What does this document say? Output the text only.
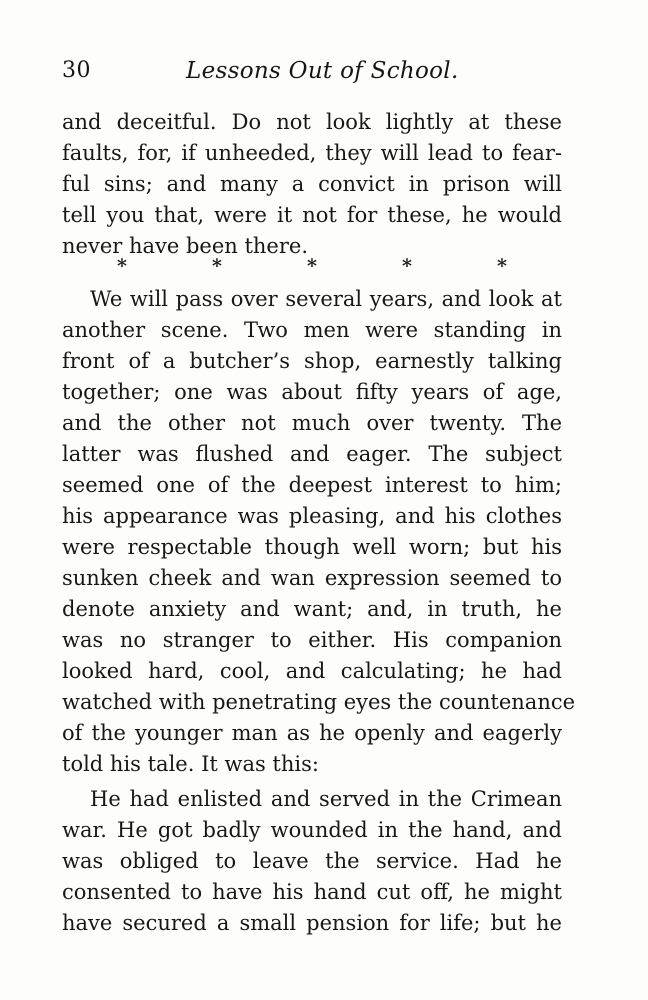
30	Lessons Out of School.
and deceitful. Do not look lightly at these
faults, for, if unheeded, they will lead to fear-
ful sins; and many a convict in prison will
tell you that, were it not for these, he would
never have been there.
*	*	*	*	*
We will pass over several years, and look at
another scene. Two men were standing in
front of a butcher’s shop, earnestly talking
together; one was about fifty years of age,
and the other not much over twenty. The
latter was flushed and eager. The subject
seemed one of the deepest interest to him;
his appearance was pleasing, and his clothes
were respectable though well worn; but his
sunken cheek and wan expression seemed to
denote anxiety and want; and, in truth, he
was no stranger to either. His companion
looked hard, cool, and calculating; he had
watched with penetrating eyes the countenance
of the younger man as he openly and eagerly
told his tale. It was this:
He had enlisted and served in the Crimean
war. He got badly wounded in the hand, and
was obliged to leave the service. Had he
consented to have his hand cut off, he might
have secured a small pension for life; but he
